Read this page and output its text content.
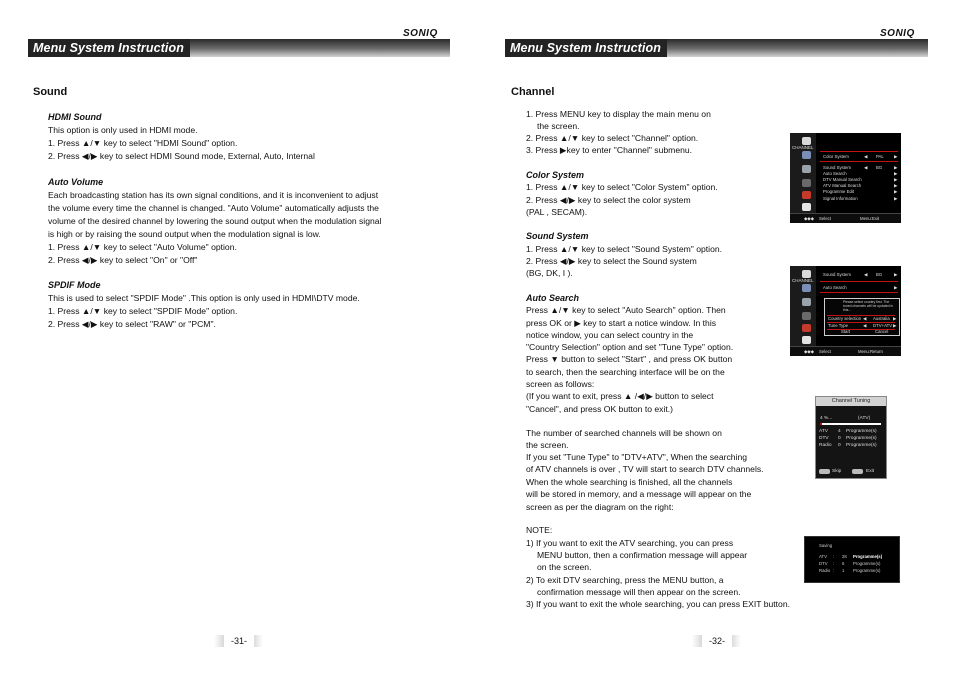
SONIQ
Menu System Instruction
Sound
HDMI Sound
This option is only used in HDMI mode.
1. Press ▲/▼ key to select "HDMI Sound" option.
2. Press ◀/▶ key to select HDMI Sound mode, External, Auto, Internal
Auto Volume
Each broadcasting station has its own signal conditions, and it is inconvenient to adjust
the volume every time the channel is changed. "Auto Volume" automatically adjusts the
volume of the desired channel by lowering the sound output when the modulation signal
is high or by raising the sound output when the modulation signal is low.
1. Press ▲/▼ key to select "Auto Volume" option.
2. Press ◀/▶ key to select "On" or "Off"
SPDIF Mode
This is used to select "SPDIF Mode" .This option is only used in HDMI\DTV mode.
1. Press ▲/▼ key to select "SPDIF Mode" option.
2. Press ◀/▶ key to select "RAW" or "PCM".
-31-
SONIQ
Menu System Instruction
Channel
1. Press MENU key to display the main menu on
the screen.
2. Press ▲/▼ key to select "Channel" option.
3. Press ▶key to enter "Channel" submenu.
Color System
1. Press ▲/▼ key to select "Color System" option.
2. Press ◀/▶ key to select the color system
(PAL , SECAM).
Sound System
1. Press ▲/▼ key to select "Sound System" option.
2. Press ◀/▶ key to select the Sound system
(BG, DK, I ).
Auto Search
Press ▲/▼ key to select "Auto Search" option. Then
press OK or ▶ key to start a notice window. In this
notice window, you can select country in the
"Country Selection" option and set "Tune Type" option.
Press ▼ button to select "Start" , and press OK button
to search, then the searching interface will be on the
screen as follows:
(If you want to exit, press ▲ /◀/▶ button to select
"Cancel", and press OK button to exit.)
The number of searched channels will be shown on
the screen.
If you set "Tune Type" to "DTV+ATV", When the searching
of ATV channels is over , TV will start to search DTV channels.
When the whole searching is finished, all the channels
will be stored in memory, and a message will appear on the
screen as per the diagram on the right:
NOTE:
1) If you want to exit the ATV searching, you can press
MENU button, then a confirmation message will appear
on the screen.
2) To exit DTV searching, press the MENU button, a
confirmation message will then appear on the screen.
3) If you want to exit the whole searching, you can press EXIT button.
-32-
CHANNEL
Color System	◀ PAL ▶
Sound System	◀ BG	▶
Auto Search	▶
DTV Manual Search	▶
ATV Manual Search	▶
Programme Edit	▶
Signal Information	▶
◆◆◆ Select	Menu:Exit
CHANNEL
Sound System	◀ BG	▶
Auto Search	▶
Please select country first. The tuned channels will be updated in this...
Country selection ◀ Australia ▶
Tune Type	◀ DTV+ATV ▶
Start	Cancel
◆◆◆ Select	Menu:Return
Channel Tuning
4 %...	(ATV)
ATV 4 Programme(s)
DTV 0 Programme(s)
Radio 0 Programme(s)
Skip	Exit
Saving
ATV : 28 Programme(s)
DTV : 6 Programme(s)
Radio : 1 Programme(s)
